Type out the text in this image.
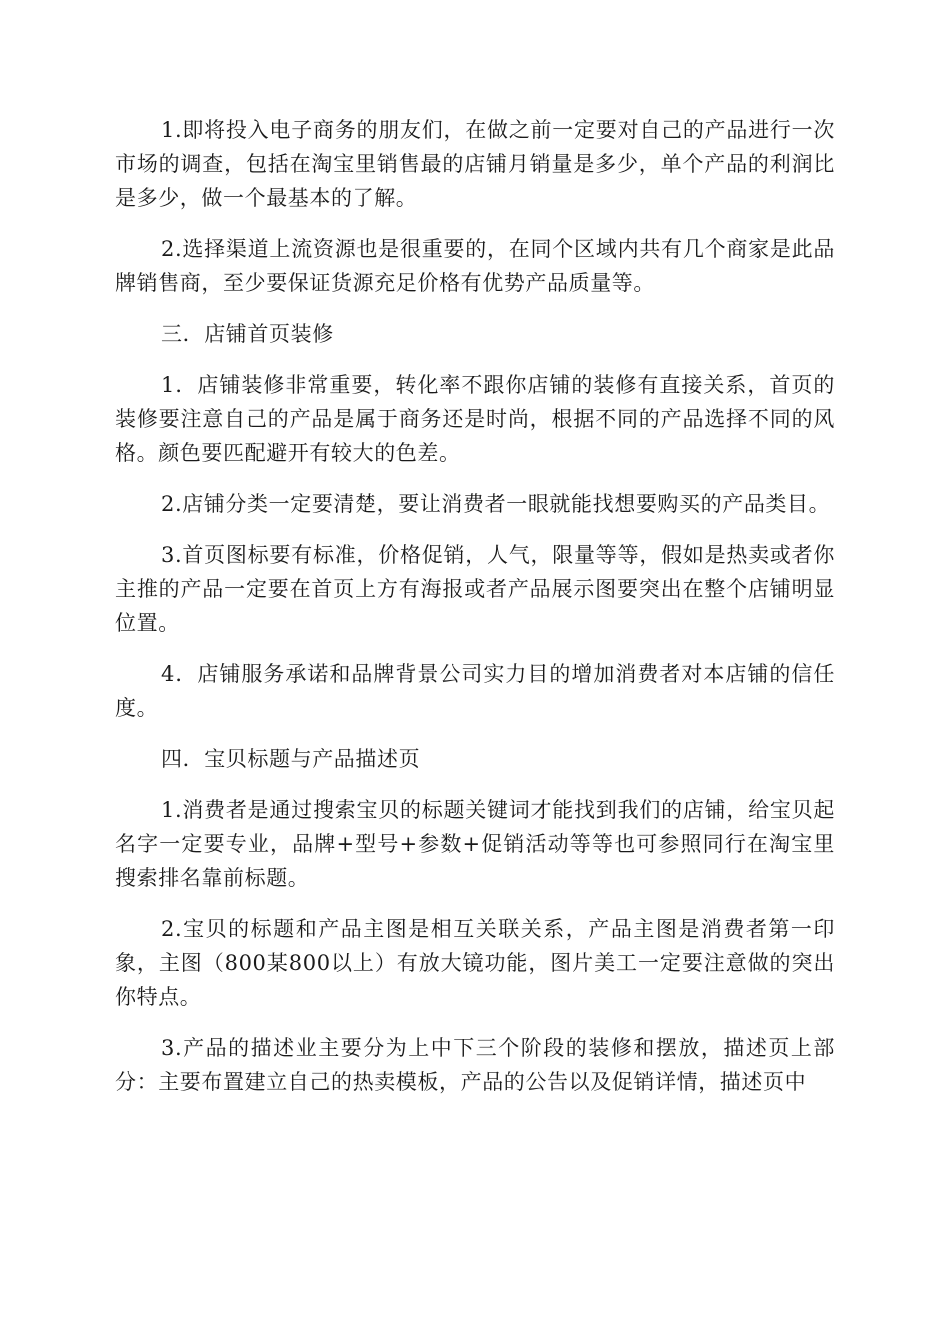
1.即将投入电子商务的朋友们，在做之前一定要对自己的产品进行一次市场的调查，包括在淘宝里销售最的店铺月销量是多少，单个产品的利润比是多少，做一个最基本的了解。

2.选择渠道上流资源也是很重要的，在同个区域内共有几个商家是此品牌销售商，至少要保证货源充足价格有优势产品质量等。

三．店铺首页装修

1．店铺装修非常重要，转化率不跟你店铺的装修有直接关系，首页的装修要注意自己的产品是属于商务还是时尚，根据不同的产品选择不同的风格。颜色要匹配避开有较大的色差。

2.店铺分类一定要清楚，要让消费者一眼就能找想要购买的产品类目。

3.首页图标要有标准，价格促销，人气，限量等等，假如是热卖或者你主推的产品一定要在首页上方有海报或者产品展示图要突出在整个店铺明显位置。

4．店铺服务承诺和品牌背景公司实力目的增加消费者对本店铺的信任度。

四．宝贝标题与产品描述页

1.消费者是通过搜索宝贝的标题关键词才能找到我们的店铺，给宝贝起名字一定要专业，品牌+型号+参数+促销活动等等也可参照同行在淘宝里搜索排名靠前标题。

2.宝贝的标题和产品主图是相互关联关系，产品主图是消费者第一印象，主图（800某800以上）有放大镜功能，图片美工一定要注意做的突出你特点。

3.产品的描述业主要分为上中下三个阶段的装修和摆放，描述页上部分：主要布置建立自己的热卖模板，产品的公告以及促销详情，描述页中
